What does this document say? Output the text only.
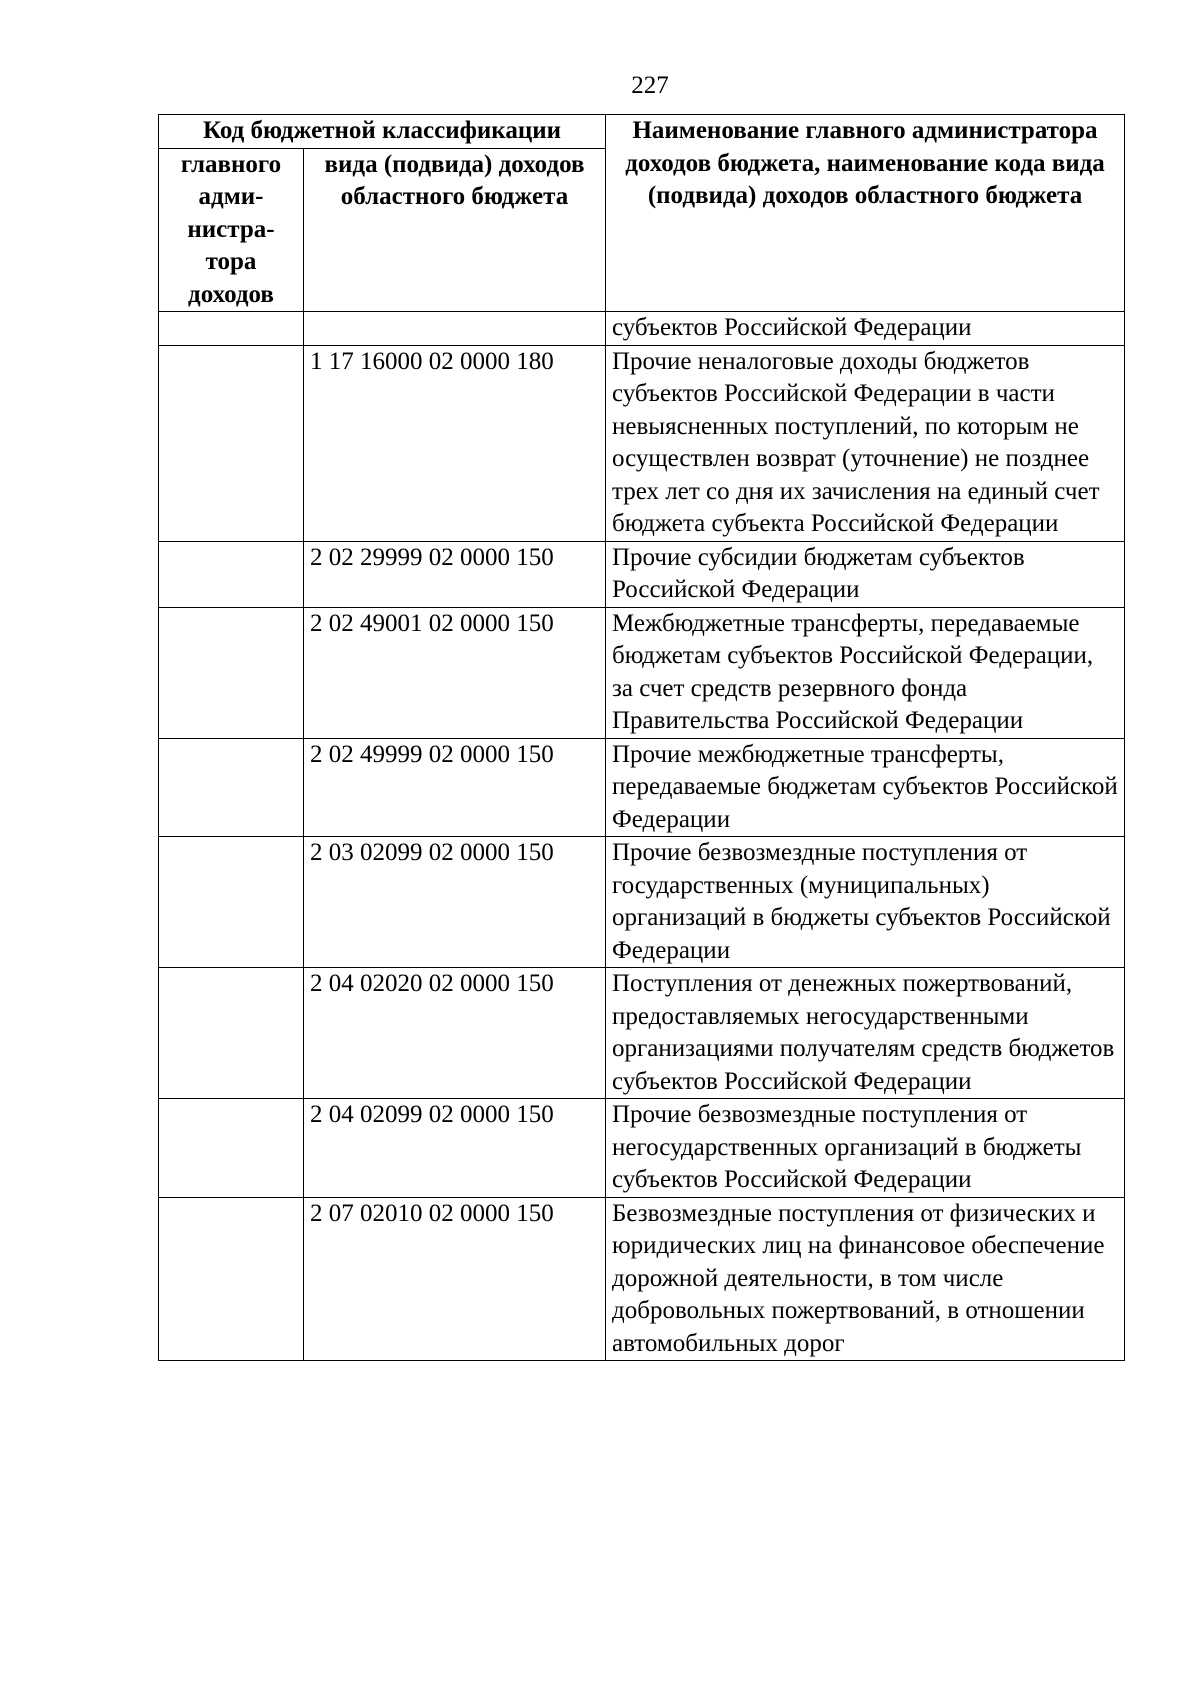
227
Код бюджетной классификации		Наименование главного администратора доходов бюджета, наименование кода вида (подвида) доходов областного бюджета
главного адми-
нистра-
тора доходов	вида (подвида) доходов областного бюджета	
		субъектов Российской Федерации
	1 17 16000 02 0000 180	Прочие неналоговые доходы бюджетов субъектов Российской Федерации в части невыясненных поступлений, по которым не осуществлен возврат (уточнение) не позднее трех лет со дня их зачисления на единый счет бюджета субъекта Российской Федерации
	2 02 29999 02 0000 150	Прочие субсидии бюджетам субъектов Российской Федерации
	2 02 49001 02 0000 150	Межбюджетные трансферты, передаваемые бюджетам субъектов Российской Федерации, за счет средств резервного фонда Правительства Российской Федерации
	2 02 49999 02 0000 150	Прочие межбюджетные трансферты, передаваемые бюджетам субъектов Российской Федерации
	2 03 02099 02 0000 150	Прочие безвозмездные поступления от государственных (муниципальных) организаций в бюджеты субъектов Российской Федерации
	2 04 02020 02 0000 150	Поступления от денежных пожертвований, предоставляемых негосударственными организациями получателям средств бюджетов субъектов Российской Федерации
	2 04 02099 02 0000 150	Прочие безвозмездные поступления от негосударственных организаций в бюджеты субъектов Российской Федерации
	2 07 02010 02 0000 150	Безвозмездные поступления от физических и юридических лиц на финансовое обеспечение дорожной деятельности, в том числе добровольных пожертвований, в отношении автомобильных дорог
